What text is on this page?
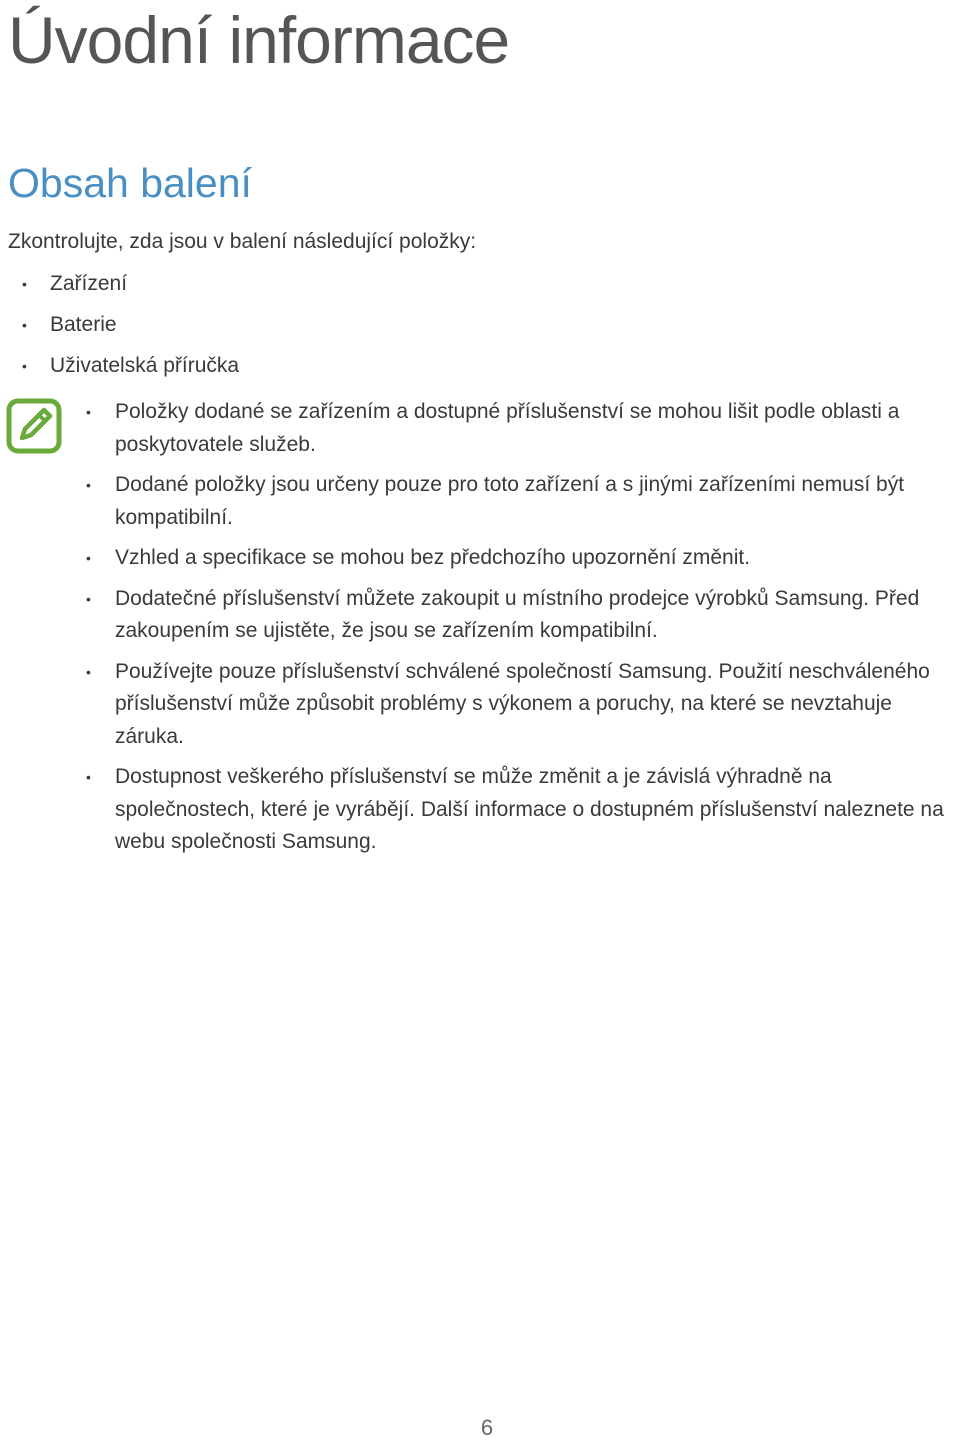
Úvodní informace
Obsah balení

Zkontrolujte, zda jsou v balení následující položky:

• Zařízení
• Baterie
• Uživatelská příručka
• Položky dodané se zařízením a dostupné příslušenství se mohou lišit podle oblasti a poskytovatele služeb.
• Dodané položky jsou určeny pouze pro toto zařízení a s jinými zařízeními nemusí být kompatibilní.
• Vzhled a specifikace se mohou bez předchozího upozornění změnit.
• Dodatečné příslušenství můžete zakoupit u místního prodejce výrobků Samsung. Před zakoupením se ujistěte, že jsou se zařízením kompatibilní.
• Používejte pouze příslušenství schválené společností Samsung. Použití neschváleného příslušenství může způsobit problémy s výkonem a poruchy, na které se nevztahuje záruka.
• Dostupnost veškerého příslušenství se může změnit a je závislá výhradně na společnostech, které je vyrábějí. Další informace o dostupném příslušenství naleznete na webu společnosti Samsung.
6
